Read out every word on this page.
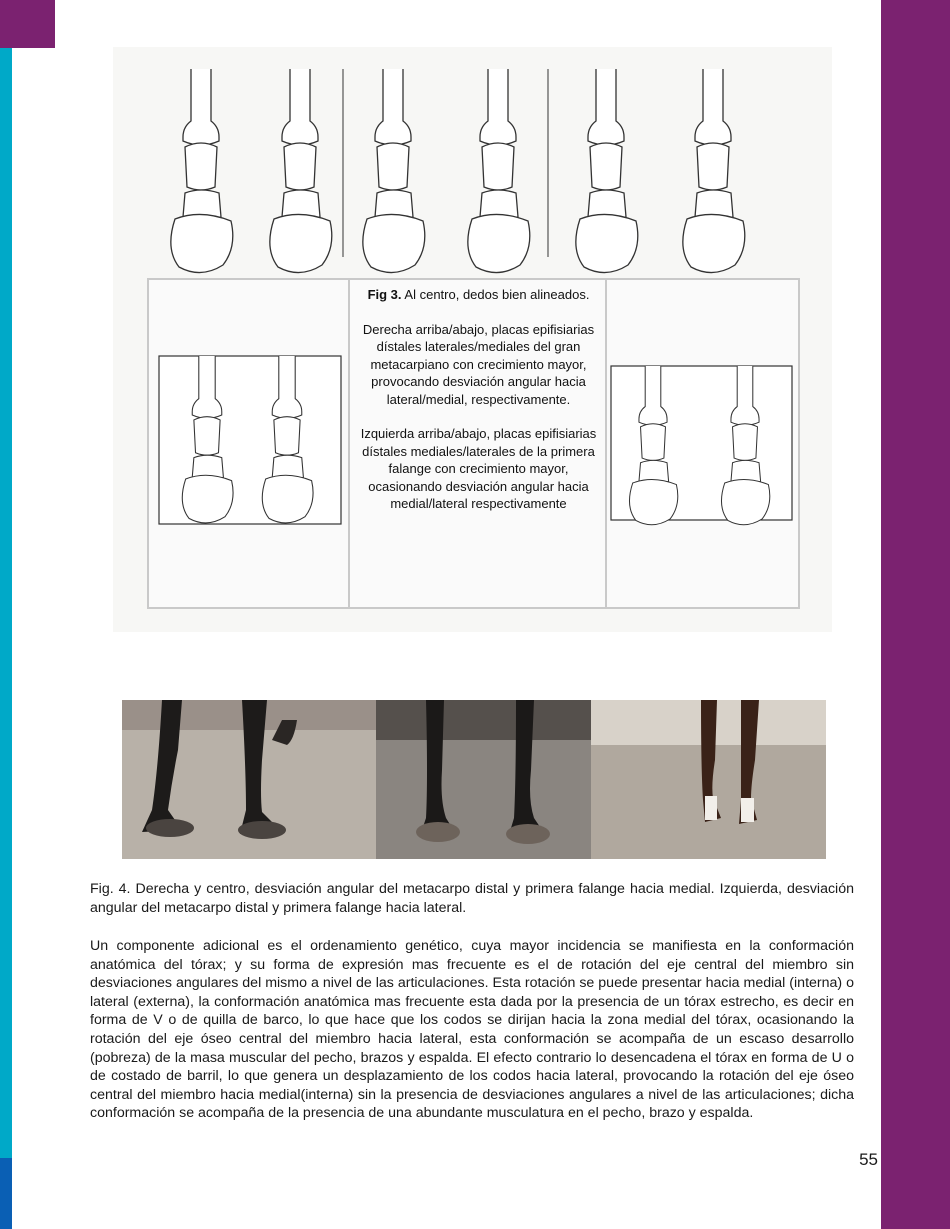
Fig 3. Al centro, dedos bien alineados.

Derecha arriba/abajo, placas epifisiarias dístales laterales/mediales del gran metacarpiano con crecimiento mayor, provocando desviación angular hacia lateral/medial, respectivamente.

Izquierda arriba/abajo, placas epifisiarias dístales mediales/laterales de la primera falange con crecimiento mayor, ocasionando desviación angular hacia medial/lateral respectivamente

Fig. 4. Derecha y centro, desviación angular del metacarpo distal y primera falange hacia medial. Izquierda, desviación angular del metacarpo distal y primera falange hacia lateral.
Un componente adicional es el ordenamiento genético, cuya mayor incidencia se manifiesta en la conformación anatómica del tórax; y su forma de expresión mas frecuente es el de rotación del eje central del miembro sin desviaciones angulares del mismo a nivel de las articulaciones. Esta rotación se puede presentar hacia medial (interna) o lateral (externa), la conformación anatómica mas frecuente esta dada por la presencia de un tórax estrecho, es decir en forma de V o de quilla de barco, lo que hace que los codos se dirijan hacia la zona medial del tórax, ocasionando la rotación del eje óseo central del miembro hacia lateral, esta conformación se acompaña de un escaso desarrollo (pobreza) de la masa muscular del pecho, brazos y espalda. El efecto contrario lo desencadena el tórax en forma de U o de costado de barril, lo que genera un desplazamiento de los codos hacia lateral, provocando la rotación del eje óseo central del miembro hacia medial(interna) sin la presencia de desviaciones angulares a nivel de las articulaciones; dicha conformación se acompaña de la presencia de una abundante musculatura en el pecho, brazo y espalda.
55
